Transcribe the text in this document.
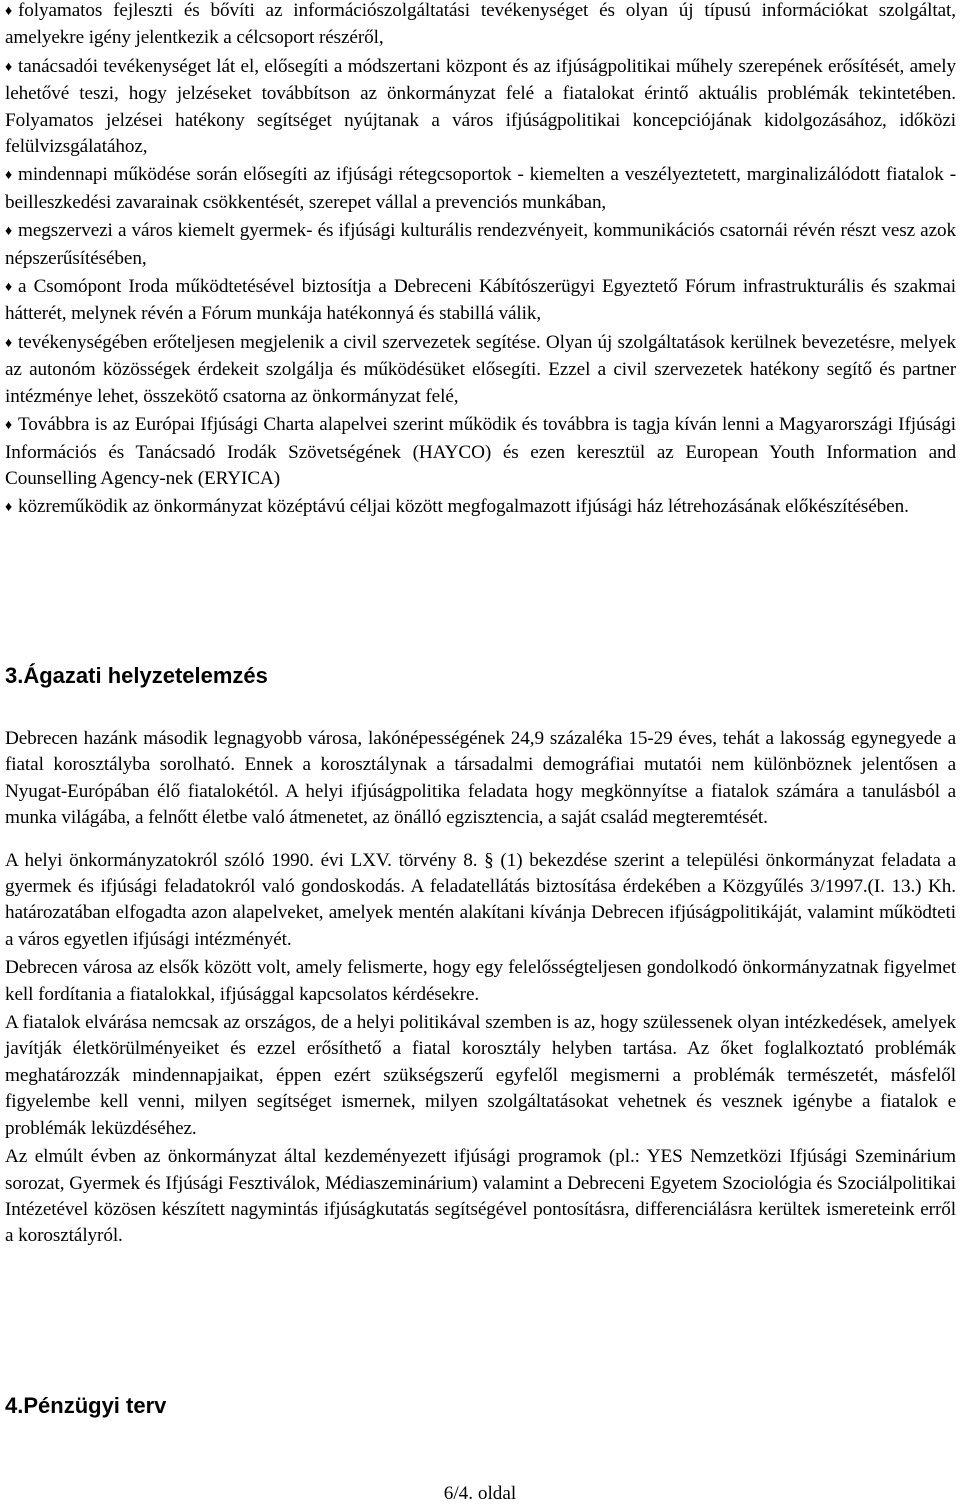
♦ folyamatos fejleszti és bővíti az információszolgáltatási tevékenységet és olyan új típusú információkat szolgáltat, amelyekre igény jelentkezik a célcsoport részéről,

♦ tanácsadói tevékenységet lát el, elősegíti a módszertani központ és az ifjúságpolitikai műhely szerepének erősítését, amely lehetővé teszi, hogy jelzéseket továbbítson az önkormányzat felé a fiatalokat érintő aktuális problémák tekintetében. Folyamatos jelzései hatékony segítséget nyújtanak a város ifjúságpolitikai koncepciójának kidolgozásához, időközi felülvizsgálatához,

♦ mindennapi működése során elősegíti az ifjúsági rétegcsoportok - kiemelten a veszélyeztetett, marginalizálódott fiatalok - beilleszkedési zavarainak csökkentését, szerepet vállal a prevenciós munkában,

♦ megszervezi a város kiemelt gyermek- és ifjúsági kulturális rendezvényeit, kommunikációs csatornái révén részt vesz azok népszerűsítésében,

♦ a Csomópont Iroda működtetésével biztosítja a Debreceni Kábítószerügyi Egyeztető Fórum infrastrukturális és szakmai hátterét, melynek révén a Fórum munkája hatékonnyá és stabillá válik,

♦ tevékenységében erőteljesen megjelenik a civil szervezetek segítése. Olyan új szolgáltatások kerülnek bevezetésre, melyek az autonóm közösségek érdekeit szolgálja és működésüket elősegíti. Ezzel a civil szervezetek hatékony segítő és partner intézménye lehet, összekötő csatorna az önkormányzat felé,

♦ Továbbra is az Európai Ifjúsági Charta alapelvei szerint működik és továbbra is tagja kíván lenni a Magyarországi Ifjúsági Információs és Tanácsadó Irodák Szövetségének (HAYCO) és ezen keresztül az European Youth Information and Counselling Agency-nek (ERYICA)

♦ közreműködik az önkormányzat középtávú céljai között megfogalmazott ifjúsági ház létrehozásának előkészítésében.

3.Ágazati helyzetelemzés

Debrecen hazánk második legnagyobb városa, lakónépességének 24,9 százaléka 15-29 éves, tehát a lakosság egynegyede a fiatal korosztályba sorolható. Ennek a korosztálynak a társadalmi demográfiai mutatói nem különböznek jelentősen a Nyugat-Európában élő fiatalokétól. A helyi ifjúságpolitika feladata hogy megkönnyítse a fiatalok számára a tanulásból a munka világába, a felnőtt életbe való átmenetet, az önálló egzisztencia, a saját család megteremtését.

A helyi önkormányzatokról szóló 1990. évi LXV. törvény 8. § (1) bekezdése szerint a települési önkormányzat feladata a gyermek és ifjúsági feladatokról való gondoskodás. A feladatellátás biztosítása érdekében a Közgyűlés 3/1997.(I. 13.) Kh. határozatában elfogadta azon alapelveket, amelyek mentén alakítani kívánja Debrecen ifjúságpolitikáját, valamint működteti a város egyetlen ifjúsági intézményét.

Debrecen városa az elsők között volt, amely felismerte, hogy egy felelősségteljesen gondolkodó önkormányzatnak figyelmet kell fordítania a fiatalokkal, ifjúsággal kapcsolatos kérdésekre.

A fiatalok elvárása nemcsak az országos, de a helyi politikával szemben is az, hogy szülessenek olyan intézkedések, amelyek javítják életkörülményeiket és ezzel erősíthető a fiatal korosztály helyben tartása. Az őket foglalkoztató problémák meghatározzák mindennapjaikat, éppen ezért szükségszerű egyfelől megismerni a problémák természetét, másfelől figyelembe kell venni, milyen segítséget ismernek, milyen szolgáltatásokat vehetnek és vesznek igénybe a fiatalok e problémák leküzdéséhez.

Az elmúlt évben az önkormányzat által kezdeményezett ifjúsági programok (pl.: YES Nemzetközi Ifjúsági Szeminárium sorozat, Gyermek és Ifjúsági Fesztiválok, Médiaszeminárium) valamint a Debreceni Egyetem Szociológia és Szociálpolitikai Intézetével közösen készített nagymintás ifjúságkutatás segítségével pontosításra, differenciálásra kerültek ismereteink erről a korosztályról.

4.Pénzügyi terv
6/4. oldal
